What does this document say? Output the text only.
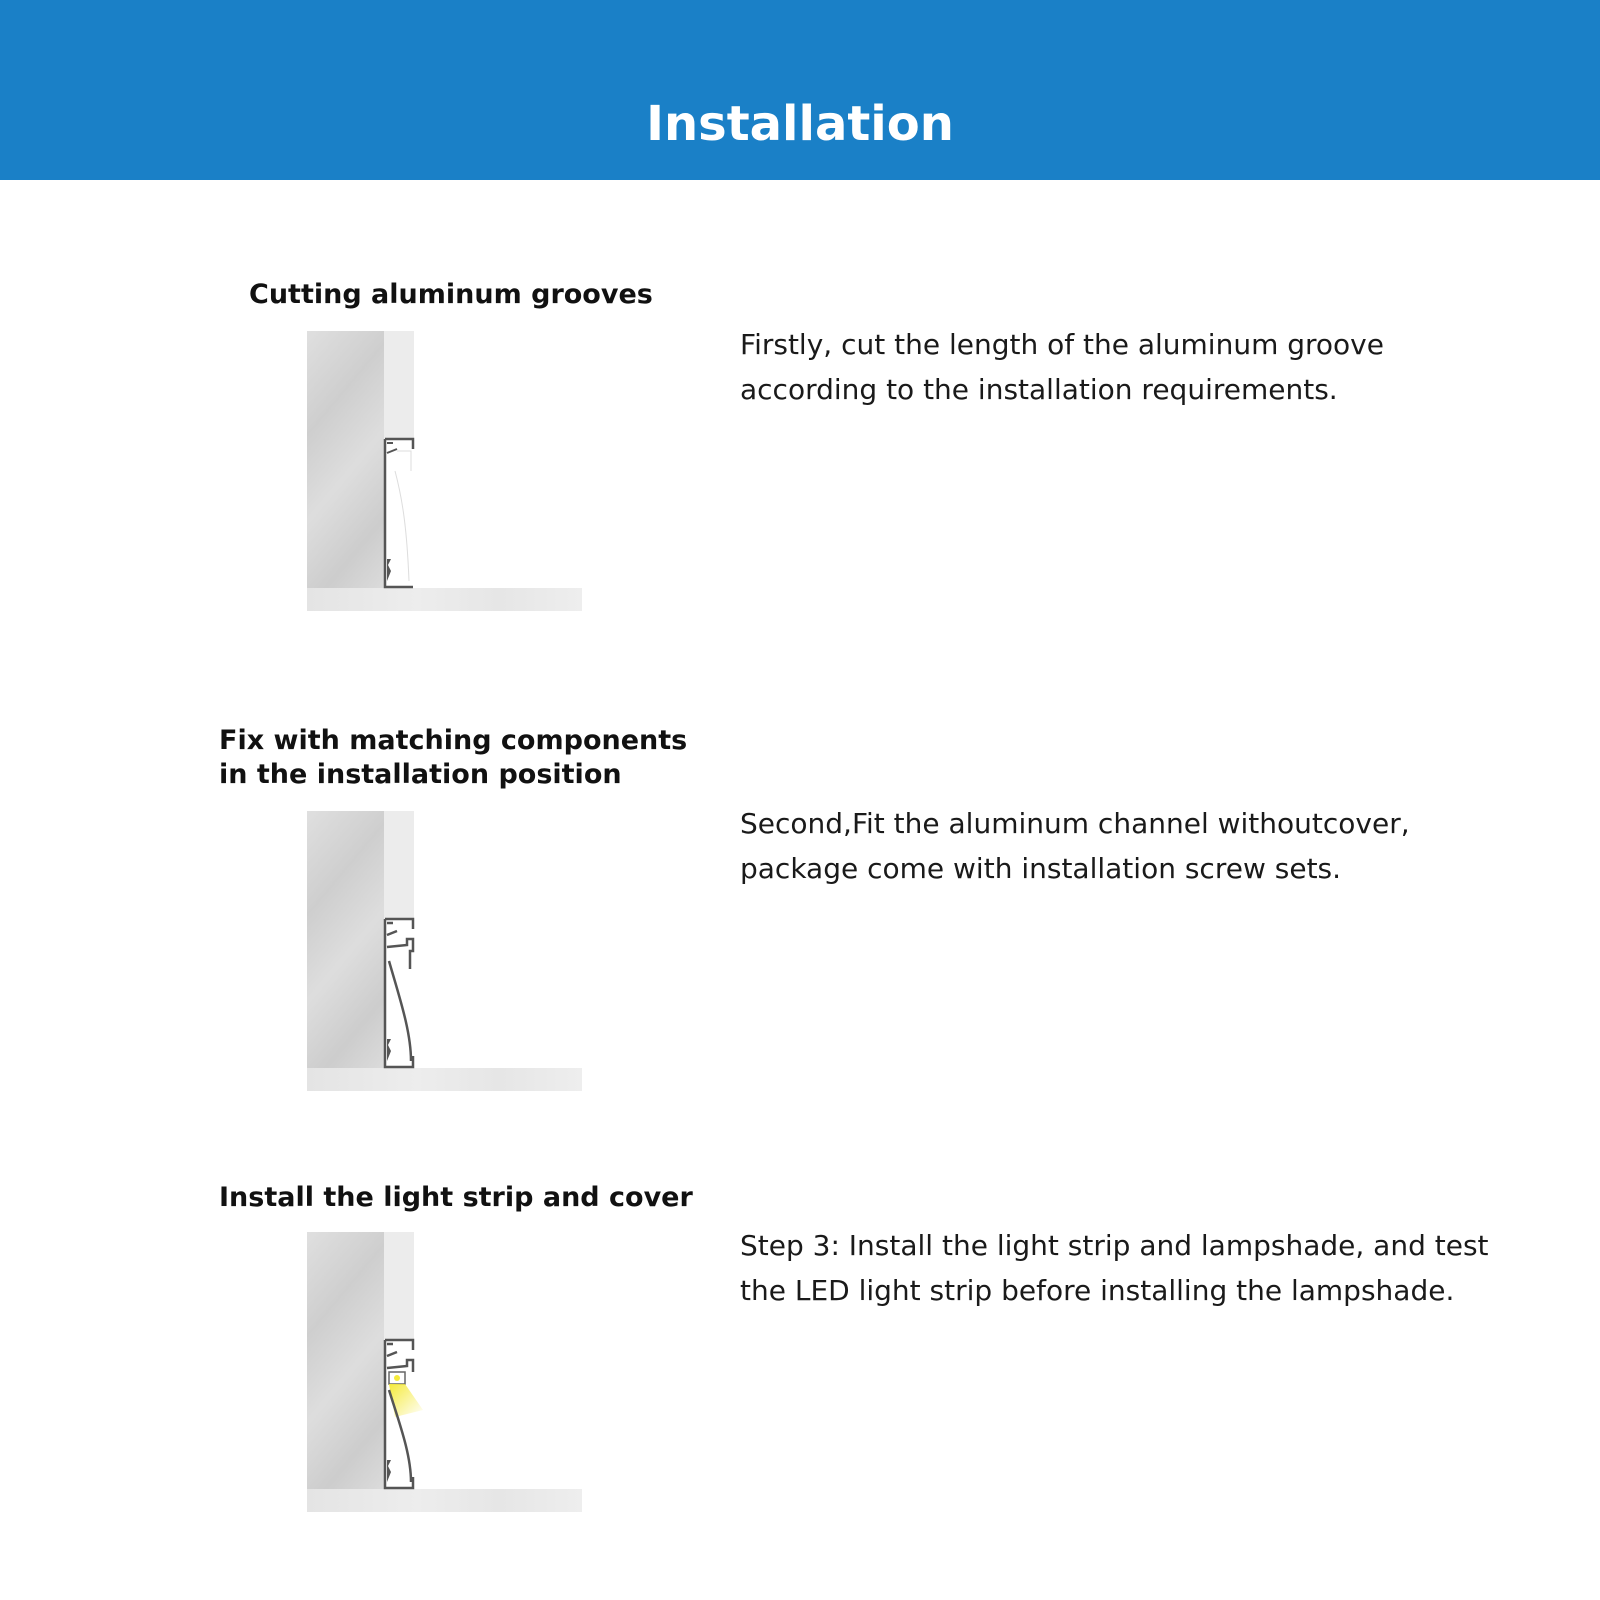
Installation
Cutting aluminum grooves

Firstly, cut the length of the aluminum groove according to the installation requirements.

Fix with matching components
in the installation position

Second,Fit the aluminum channel withoutcover, package come with installation screw sets.

Install the light strip and cover

Step 3: Install the light strip and lampshade, and test the LED light strip before installing the lampshade.
